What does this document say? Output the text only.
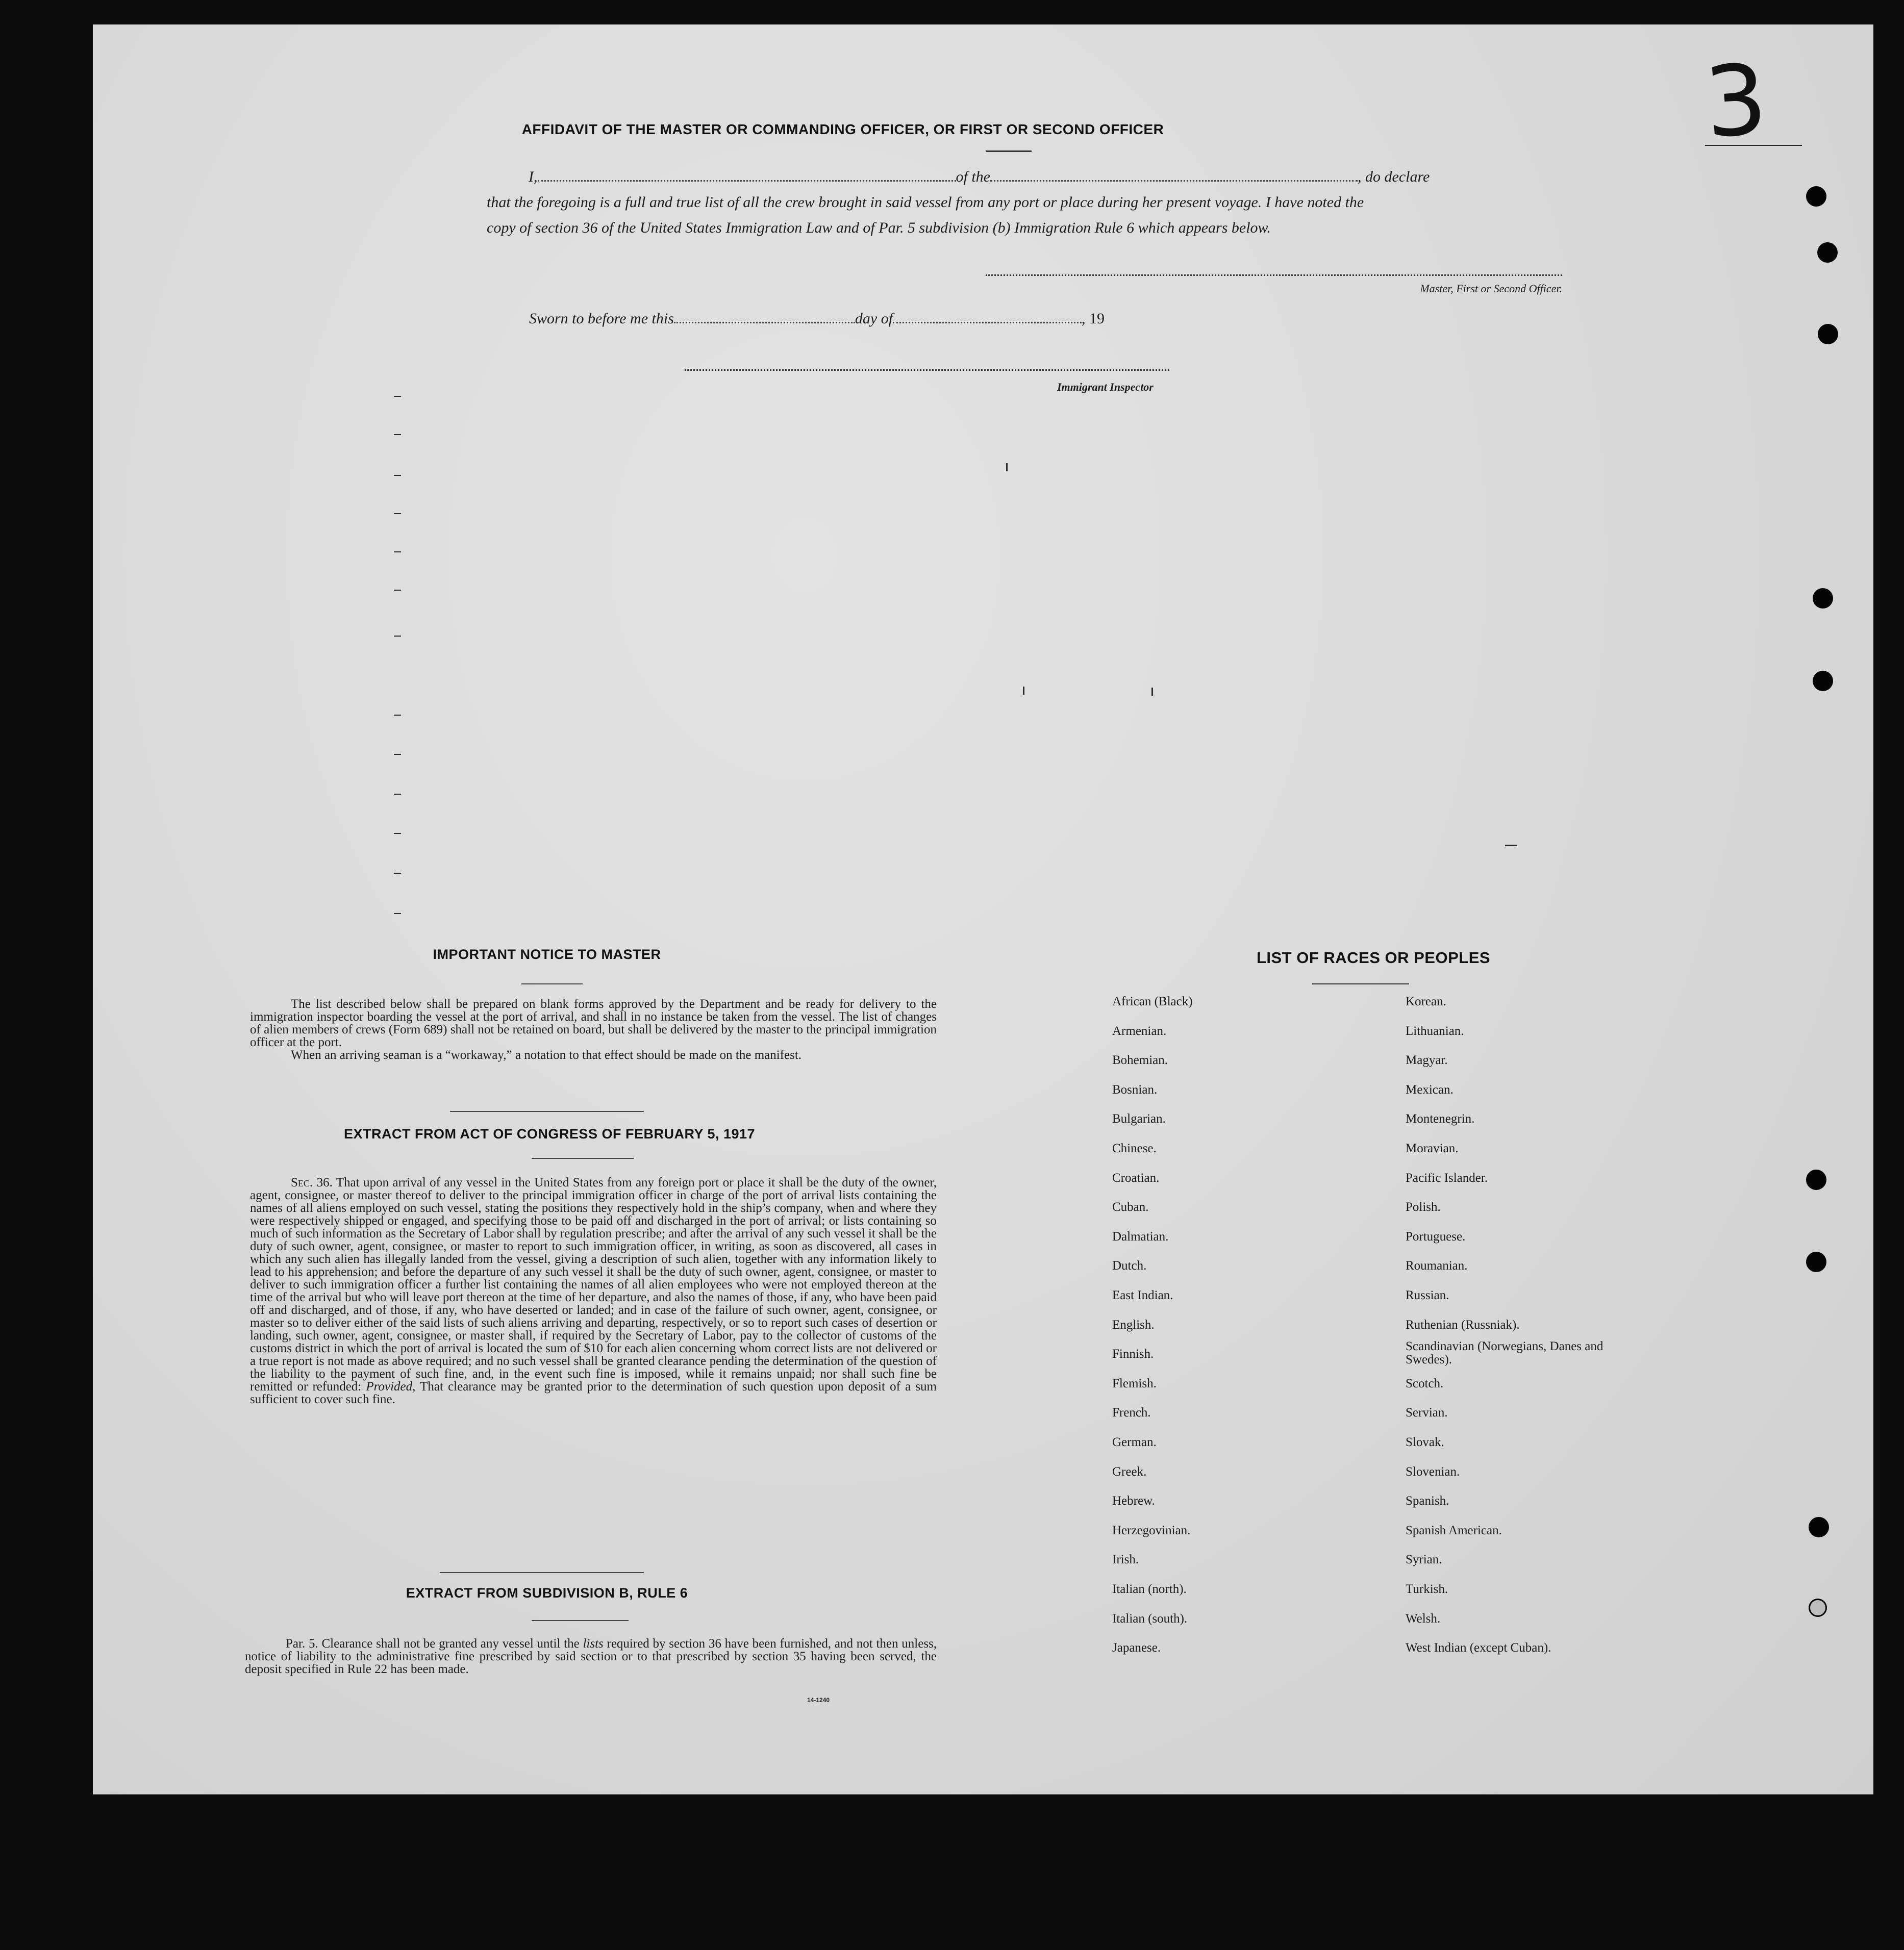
AFFIDAVIT OF THE MASTER OR COMMANDING OFFICER, OR FIRST OR SECOND OFFICER
I,	of the	, do declare
that the foregoing is a full and true list of all the crew brought in said vessel from any port or place during her present voyage. I have noted the
copy of section 36 of the United States Immigration Law and of Par. 5 subdivision (b) Immigration Rule 6 which appears below.
Master, First or Second Officer.
Sworn to before me this	day of	, 19
Immigrant Inspector
3
IMPORTANT NOTICE TO MASTER
The list described below shall be prepared on blank forms approved by the Department and be ready for delivery to the immigration inspector boarding the vessel at the port of arrival, and shall in no instance be taken from the vessel. The list of changes of alien members of crews (Form 689) shall not be retained on board, but shall be delivered by the master to the principal immigration officer at the port.
When an arriving seaman is a “workaway,” a notation to that effect should be made on the manifest.
EXTRACT FROM ACT OF CONGRESS OF FEBRUARY 5, 1917
Sec. 36. That upon arrival of any vessel in the United States from any foreign port or place it shall be the duty of the owner, agent, consignee, or master thereof to deliver to the principal immigration officer in charge of the port of arrival lists containing the names of all aliens employed on such vessel, stating the positions they respectively hold in the ship’s company, when and where they were respectively shipped or engaged, and specifying those to be paid off and discharged in the port of arrival; or lists containing so much of such information as the Secretary of Labor shall by regulation prescribe; and after the arrival of any such vessel it shall be the duty of such owner, agent, consignee, or master to report to such immigration officer, in writing, as soon as discovered, all cases in which any such alien has illegally landed from the vessel, giving a description of such alien, together with any information likely to lead to his apprehension; and before the departure of any such vessel it shall be the duty of such owner, agent, consignee, or master to deliver to such immigration officer a further list containing the names of all alien employees who were not employed thereon at the time of the arrival but who will leave port thereon at the time of her departure, and also the names of those, if any, who have been paid off and discharged, and of those, if any, who have deserted or landed; and in case of the failure of such owner, agent, consignee, or master so to deliver either of the said lists of such aliens arriving and departing, respectively, or so to report such cases of desertion or landing, such owner, agent, consignee, or master shall, if required by the Secretary of Labor, pay to the collector of customs of the customs district in which the port of arrival is located the sum of $10 for each alien concerning whom correct lists are not delivered or a true report is not made as above required; and no such vessel shall be granted clearance pending the determination of the question of the liability to the payment of such fine, and, in the event such fine is imposed, while it remains unpaid; nor shall such fine be remitted or refunded: Provided, That clearance may be granted prior to the determination of such question upon deposit of a sum sufficient to cover such fine.
EXTRACT FROM SUBDIVISION B, RULE 6
Par. 5. Clearance shall not be granted any vessel until the lists required by section 36 have been furnished, and not then unless, notice of liability to the administrative fine prescribed by said section or to that prescribed by section 35 having been served, the deposit specified in Rule 22 has been made.
14-1240
LIST OF RACES OR PEOPLES
African (Black)
Armenian.
Bohemian.
Bosnian.
Bulgarian.
Chinese.
Croatian.
Cuban.
Dalmatian.
Dutch.
East Indian.
English.
Finnish.
Flemish.
French.
German.
Greek.
Hebrew.
Herzegovinian.
Irish.
Italian (north).
Italian (south).
Japanese.
Korean.
Lithuanian.
Magyar.
Mexican.
Montenegrin.
Moravian.
Pacific Islander.
Polish.
Portuguese.
Roumanian.
Russian.
Ruthenian (Russniak).
Scandinavian (Norwegians, Danes and Swedes).
Scotch.
Servian.
Slovak.
Slovenian.
Spanish.
Spanish American.
Syrian.
Turkish.
Welsh.
West Indian (except Cuban).
